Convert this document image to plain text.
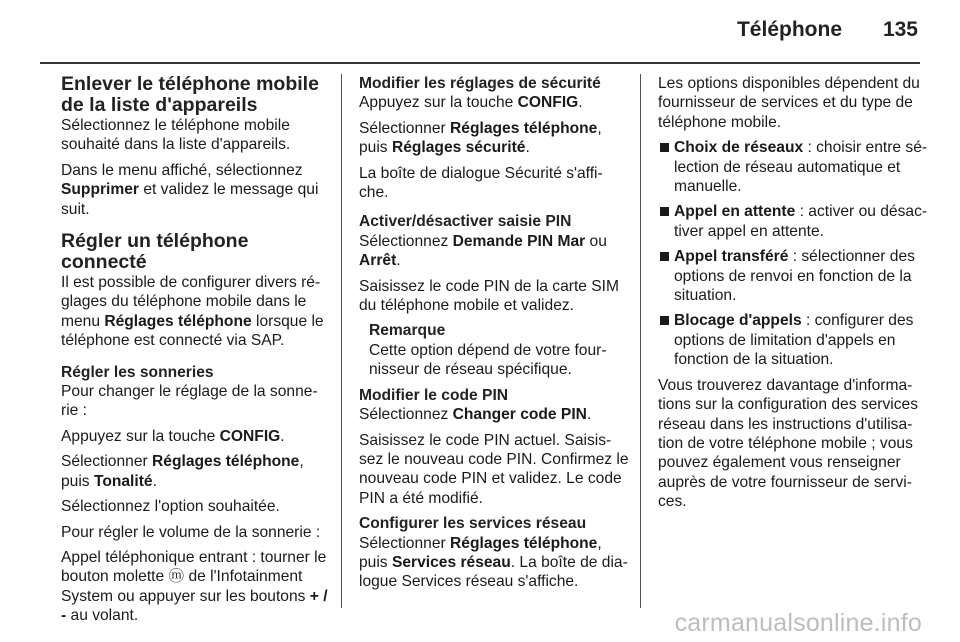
Téléphone 135
Enlever le téléphone mobile de la liste d'appareils

Sélectionnez le téléphone mobile souhaité dans la liste d'appareils.

Dans le menu affiché, sélectionnez Supprimer et validez le message qui suit.

Régler un téléphone connecté

Il est possible de configurer divers ré-glages du téléphone mobile dans le menu Réglages téléphone lorsque le téléphone est connecté via SAP.

Régler les sonneries

Pour changer le réglage de la sonne-rie :

Appuyez sur la touche CONFIG.

Sélectionner Réglages téléphone, puis Tonalité.

Sélectionnez l'option souhaitée.

Pour régler le volume de la sonnerie :

Appel téléphonique entrant : tourner le bouton molette ⓜ de l'Infotainment System ou appuyer sur les boutons + / - au volant.

Modifier les réglages de sécurité

Appuyez sur la touche CONFIG.

Sélectionner Réglages téléphone, puis Réglages sécurité.

La boîte de dialogue Sécurité s'affi-che.

Activer/désactiver saisie PIN

Sélectionnez Demande PIN Mar ou Arrêt.

Saisissez le code PIN de la carte SIM du téléphone mobile et validez.

Remarque
Cette option dépend de votre four-nisseur de réseau spécifique.
Modifier le code PIN

Sélectionnez Changer code PIN.

Saisissez le code PIN actuel. Saisis-sez le nouveau code PIN. Confirmez le nouveau code PIN et validez. Le code PIN a été modifié.

Configurer les services réseau

Sélectionner Réglages téléphone, puis Services réseau. La boîte de dia-logue Services réseau s'affiche.

Les options disponibles dépendent du fournisseur de services et du type de téléphone mobile.

Choix de réseaux : choisir entre sé-lection de réseau automatique et manuelle.
Appel en attente : activer ou désac-tiver appel en attente.
Appel transféré : sélectionner des options de renvoi en fonction de la situation.
Blocage d'appels : configurer des options de limitation d'appels en fonction de la situation.

Vous trouverez davantage d'informa-tions sur la configuration des services réseau dans les instructions d'utilisa-tion de votre téléphone mobile ; vous pouvez également vous renseigner auprès de votre fournisseur de servi-ces.

carmanualsonline.info
